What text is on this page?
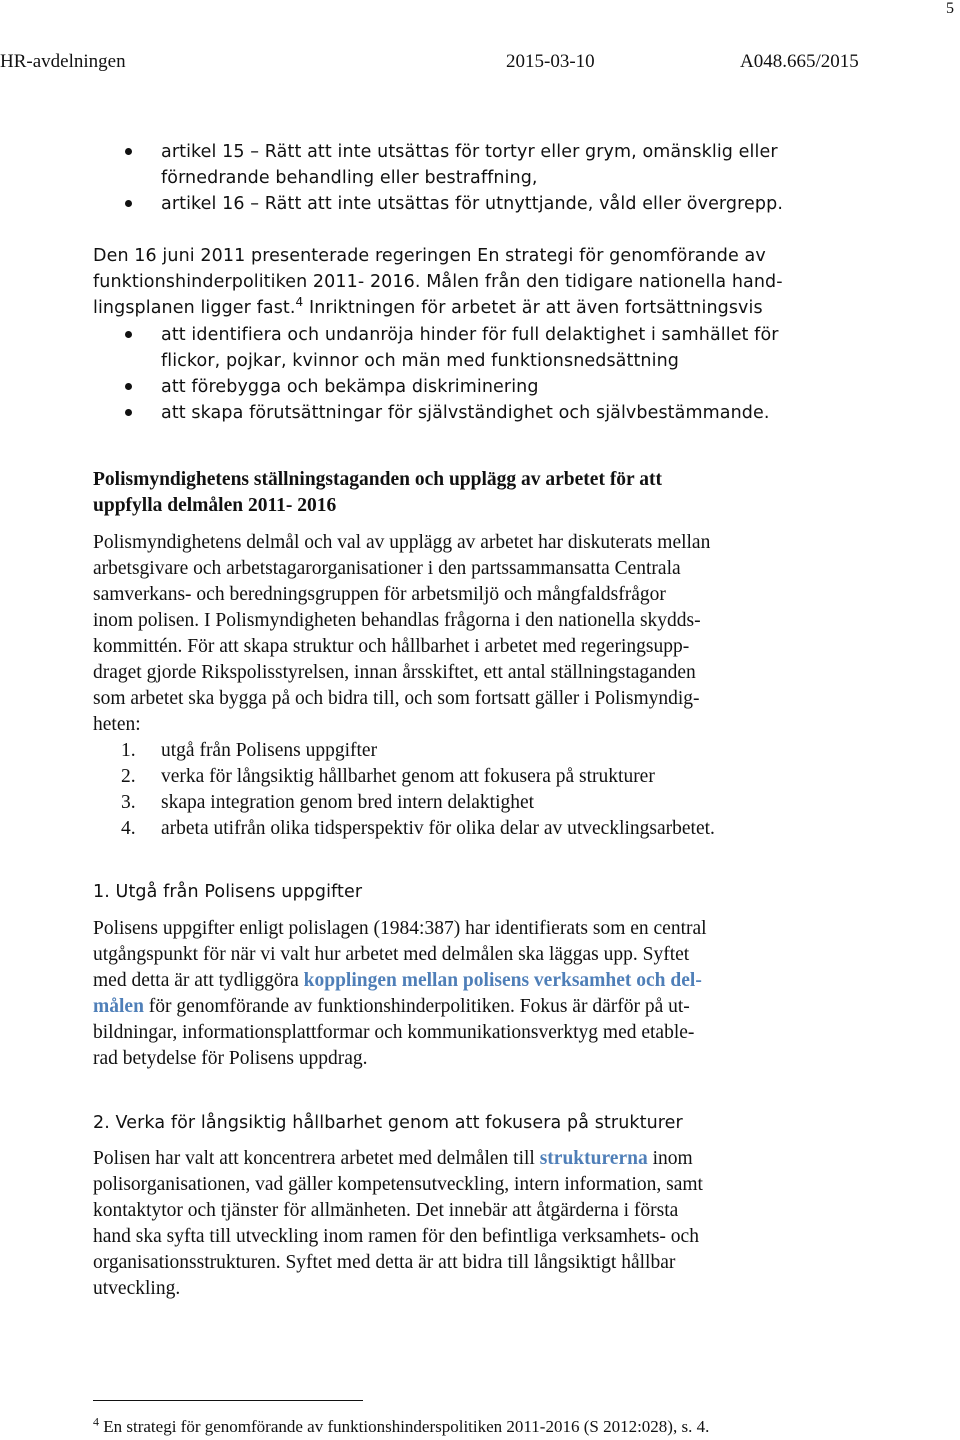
5
HR-avdelningen	2015-03-10	A048.665/2015
artikel 15 – Rätt att inte utsättas för tortyr eller grym, omänsklig eller
förnedrande behandling eller bestraffning,
artikel 16 – Rätt att inte utsättas för utnyttjande, våld eller övergrepp.

Den 16 juni 2011 presenterade regeringen En strategi för genomförande av
funktionshinderpolitiken 2011- 2016. Målen från den tidigare nationella hand-
lingsplanen ligger fast.$^4$ Inriktningen för arbetet är att även fortsättningsvis

att identifiera och undanröja hinder för full delaktighet i samhället för
flickor, pojkar, kvinnor och män med funktionsnedsättning
att förebygga och bekämpa diskriminering
att skapa förutsättningar för självständighet och självbestämmande.
Polismyndighetens ställningstaganden och upplägg av arbetet för att
uppfylla delmålen 2011- 2016

Polismyndighetens delmål och val av upplägg av arbetet har diskuterats mellan
arbetsgivare och arbetstagarorganisationer i den partssammansatta Centrala
samverkans- och beredningsgruppen för arbetsmiljö och mångfaldsfrågor
inom polisen. I Polismyndigheten behandlas frågorna i den nationella skydds-
kommittén. För att skapa struktur och hållbarhet i arbetet med regeringsupp-
draget gjorde Rikspolisstyrelsen, innan årsskiftet, ett antal ställningstaganden
som arbetet ska bygga på och bidra till, och som fortsatt gäller i Polismyndig-
heten:

1. utgå från Polisens uppgifter
2. verka för långsiktig hållbarhet genom att fokusera på strukturer
3. skapa integration genom bred intern delaktighet
4. arbeta utifrån olika tidsperspektiv för olika delar av utvecklingsarbetet.
1. Utgå från Polisens uppgifter

Polisens uppgifter enligt polislagen (1984:387) har identifierats som en central
utgångspunkt för när vi valt hur arbetet med delmålen ska läggas upp. Syftet
med detta är att tydliggöra kopplingen mellan polisens verksamhet och del-
målen för genomförande av funktionshinderpolitiken. Fokus är därför på ut-
bildningar, informationsplattformar och kommunikationsverktyg med etable-
rad betydelse för Polisens uppdrag.

2. Verka för långsiktig hållbarhet genom att fokusera på strukturer

Polisen har valt att koncentrera arbetet med delmålen till strukturerna inom
polisorganisationen, vad gäller kompetensutveckling, intern information, samt
kontaktytor och tjänster för allmänheten. Det innebär att åtgärderna i första
hand ska syfta till utveckling inom ramen för den befintliga verksamhets- och
organisationsstrukturen. Syftet med detta är att bidra till långsiktigt hållbar
utveckling.

$^4$ En strategi för genomförande av funktionshinderspolitiken 2011-2016 (S 2012:028), s. 4.
